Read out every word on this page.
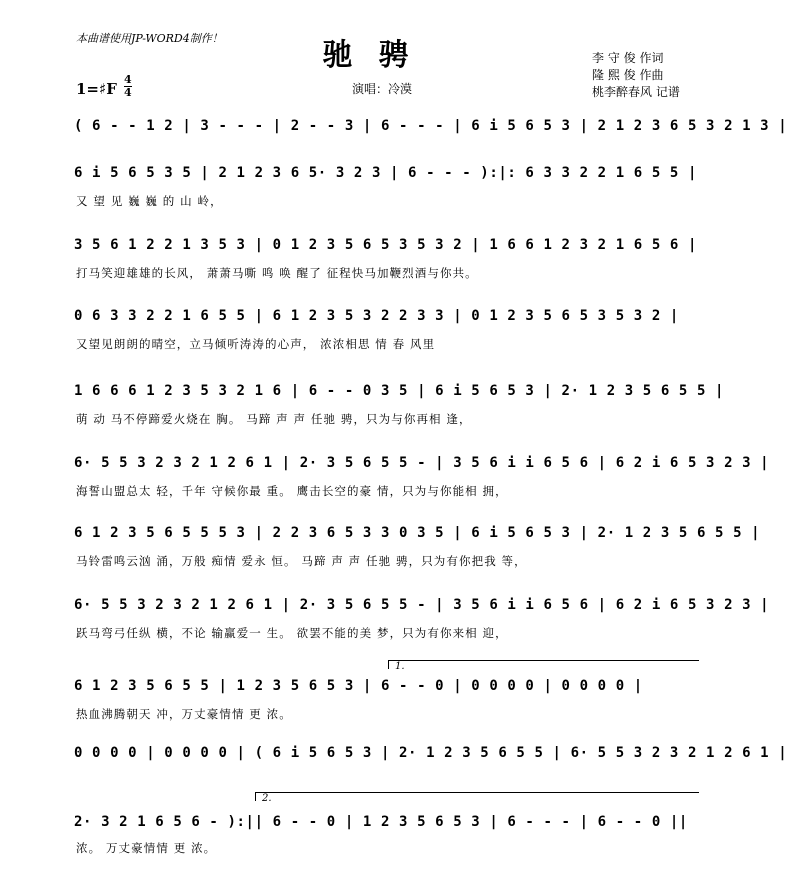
本曲谱使用JP-WORD4制作！	驰骋
1=♯F
4
4	演唱：冷漠
李 守 俊 作词
隆 熙 俊 作曲
桃李醉春风 记谱
( 6 - - 1 2 | 3 - - - | 2 - - 3 | 6 - - - | 6 i 5 6 5 3 | 2 1 2 3 6 5 3 2 1 3 |
6 i 5 6 5 3 5 | 2 1 2 3 6 5· 3 2 3 | 6 - - - ):|: 6 3 3 2 2 1 6 5 5 |
又 望 见 巍 巍 的 山 岭，
3 5 6 1 2 2 1 3 5 3 | 0 1 2 3 5 6 5 3 5 3 2 | 1 6 6 1 2 3 2 1 6 5 6 |
打马笑迎雄雄的长风， 萧萧马嘶 鸣 唤 醒了 征程快马加鞭烈酒与你共。
0 6 3 3 2 2 1 6 5 5 | 6 1 2 3 5 3 2 2 3 3 | 0 1 2 3 5 6 5 3 5 3 2 |
又望见朗朗的晴空，立马倾听涛涛的心声， 浓浓相思 情 春 风里
1 6 6 6 1 2 3 5 3 2 1 6 | 6 - - 0 3 5 | 6 i 5 6 5 3 | 2· 1 2 3 5 6 5 5 |
萌 动 马不停蹄爱火烧在 胸。 马蹄 声 声 任驰 骋，只为与你再相 逢，
6· 5 5 3 2 3 2 1 2 6 1 | 2· 3 5 6 5 5 - | 3 5 6 i i 6 5 6 | 6 2 i 6 5 3 2 3 |
海誓山盟总太 轻，千年 守候你最 重。 鹰击长空的豪 情，只为与你能相 拥，
6 1 2 3 5 6 5 5 5 3 | 2 2 3 6 5 3 3 0 3 5 | 6 i 5 6 5 3 | 2· 1 2 3 5 6 5 5 |
马铃雷鸣云汹 涌，万般 痴情 爱永 恒。 马蹄 声 声 任驰 骋，只为有你把我 等，
6· 5 5 3 2 3 2 1 2 6 1 | 2· 3 5 6 5 5 - | 3 5 6 i i 6 5 6 | 6 2 i 6 5 3 2 3 |
跃马弯弓任纵 横，不论 输赢爱一 生。 欲罢不能的美 梦，只为有你来相 迎，
1.
6 1 2 3 5 6 5 5 | 1 2 3 5 6 5 3 | 6 - - 0 | 0 0 0 0 | 0 0 0 0 |
热血沸腾朝天 冲，万丈豪情情 更 浓。
0 0 0 0 | 0 0 0 0 | ( 6 i 5 6 5 3 | 2· 1 2 3 5 6 5 5 | 6· 5 5 3 2 3 2 1 2 6 1 |
2.
2· 3 2 1 6 5 6 - ):|| 6 - - 0 | 1 2 3 5 6 5 3 | 6 - - - | 6 - - 0 ||
浓。 万丈豪情情 更 浓。
